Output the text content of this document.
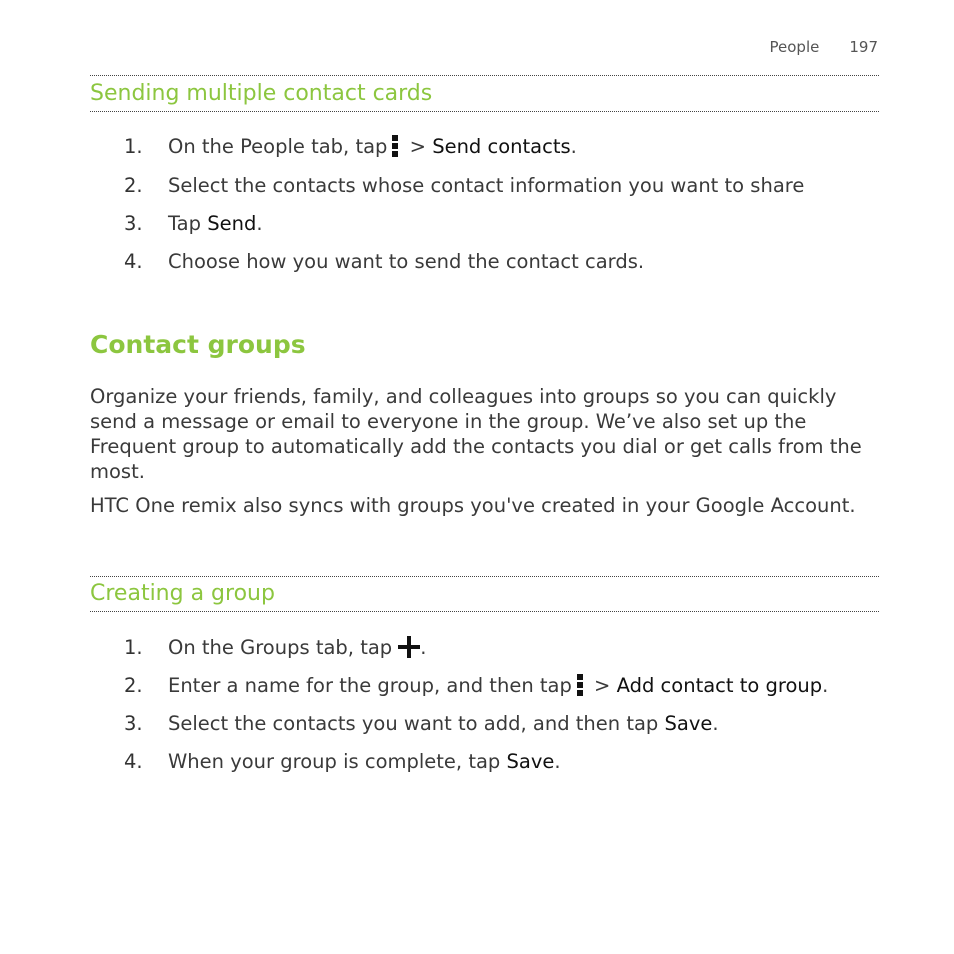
People 197
Sending multiple contact cards
1.	On the People tab, tap
> Send contacts.
2.	Select the contacts whose contact information you want to share
3.	Tap Send.
4.	Choose how you want to send the contact cards.
Contact groups

Organize your friends, family, and colleagues into groups so you can quickly send a message or email to everyone in the group. We’ve also set up the Frequent group to automatically add the contacts you dial or get calls from the most.

HTC One remix also syncs with groups you've created in your Google Account.

Creating a group
1.	On the Groups tab, tap .
2.	Enter a name for the group, and then tap
> Add contact to group.
3.	Select the contacts you want to add, and then tap Save.
4.	When your group is complete, tap Save.
